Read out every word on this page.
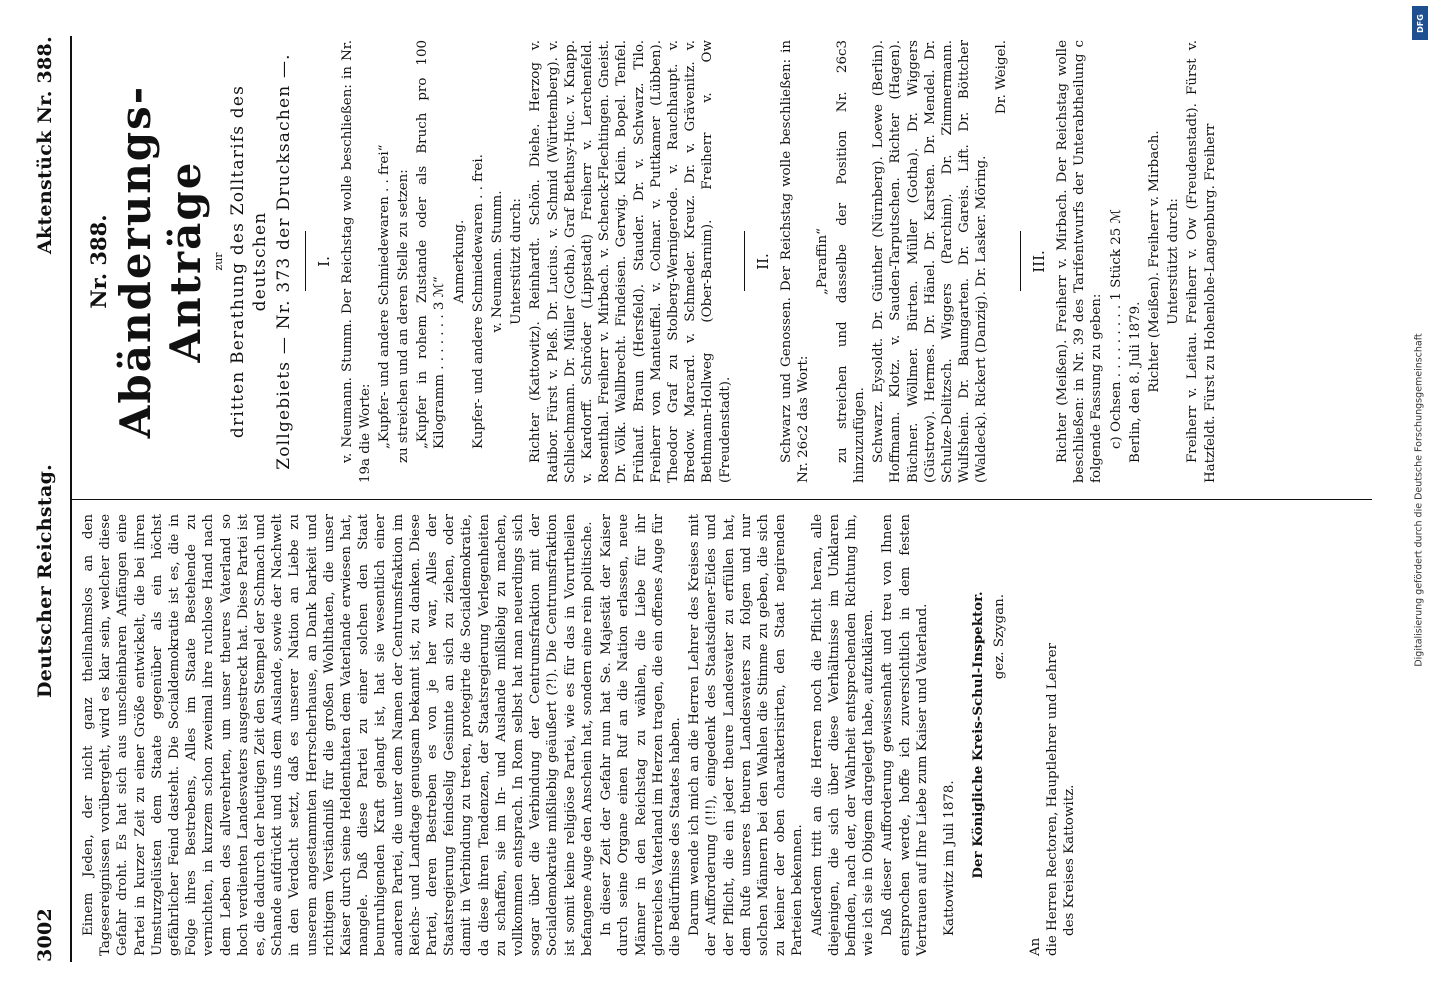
3002
Deutscher Reichstag.
Aktenstück Nr. 388.

Einem Jeden, der nicht ganz theilnahmslos an den Tagesereignissen vorübergeht, wird es klar sein, welcher diese Gefahr droht. Es hat sich aus unscheinbaren Anfängen eine Partei in kurzer Zeit zu einer Größe entwickelt, die bei ihren Umsturzgelüsten dem Staate gegenüber als ein höchst gefährlicher Feind dasteht. Die Socialdemokratie ist es, die in Folge ihres Bestrebens, Alles im Staate Bestehende zu vernichten, in kurzem schon zweimal ihre ruchlose Hand nach dem Leben des allverehrten, um unser theures Vaterland so hoch verdienten Landesvaters ausgestreckt hat. Diese Partei ist es, die dadurch der heutigen Zeit den Stempel der Schmach und Schande aufdrückt und uns dem Auslande, sowie der Nachwelt in den Verdacht setzt, daß es unserer Nation an Liebe zu unserem angestammten Herrscherhause, an Dank barkeit und richtigem Verständniß für die großen Wohlthaten, die unser Kaiser durch seine Heldenthaten dem Vaterlande erwiesen hat, mangele. Daß diese Partei zu einer solchen den Staat beunruhigenden Kraft gelangt ist, hat sie wesentlich einer anderen Partei, die unter dem Namen der Centrumsfraktion im Reichs- und Landtage genugsam bekannt ist, zu danken. Diese Partei, deren Bestreben es von je her war, Alles der Staatsregierung feindselig Gesinnte an sich zu ziehen, oder damit in Verbindung zu treten, protegirte die Socialdemokratie, da diese ihren Tendenzen, der Staatsregierung Verlegenheiten zu schaffen, sie im In- und Auslande mißliebig zu machen, vollkommen entsprach. In Rom selbst hat man neuerdings sich sogar über die Verbindung der Centrumsfraktion mit der Socialdemokratie mißliebig geäußert (?!). Die Centrumsfraktion ist somit keine religiöse Partei, wie es für das in Vorurtheilen befangene Auge den Anschein hat, sondern eine rein politische. In dieser Zeit der Gefahr nun hat Se. Majestät der Kaiser durch seine Organe einen Ruf an die Nation erlassen, neue Männer in den Reichstag zu wählen, die Liebe für ihr glorreiches Vaterland im Herzen tragen, die ein offenes Auge für die Bedürfnisse des Staates haben. Darum wende ich mich an die Herren Lehrer des Kreises mit der Aufforderung (!!!), eingedenk des Staatsdiener-Eides und der Pflicht, die ein jeder theure Landesvater zu erfüllen hat, dem Rufe unseres theuren Landesvaters zu folgen und nur solchen Männern bei den Wahlen die Stimme zu geben, die sich zu keiner der oben charakterisirten, den Staat negirenden Parteien bekennen. Außerdem tritt an die Herren noch die Pflicht heran, alle diejenigen, die sich über diese Verhältnisse im Unklaren befinden, nach der, der Wahrheit entsprechenden Richtung hin, wie ich sie in Obigem dargelegt habe, aufzuklären. Daß dieser Aufforderung gewissenhaft und treu von Ihnen entsprochen werde, hoffe ich zuversichtlich in dem festen Vertrauen auf Ihre Liebe zum Kaiser und Vaterland. Kattowitz im Juli 1878. Der Königliche Kreis-Schul-Inspektor. gez. Szygan.

An die Herren Rectoren, Hauptlehrer und Lehrer des Kreises Kattowitz.

Nr. 388. Abänderungs-Anträge zur dritten Berathung des Zolltarifs des deutschen Zollgebiets — Nr. 373 der Drucksachen —. I. v. Neumann. Stumm. Der Reichstag wolle beschließen: in Nr. 19a die Worte: „Kupfer- und andere Schmiedewaren . . frei“ zu streichen und an deren Stelle zu setzen: „Kupfer in rohem Zustande oder als Bruch pro 100 Kilogramm . . . . . . . 3 ℳ“

Anmerkung. Kupfer- und andere Schmiedewaren . . frei. v. Neumann. Stumm. Unterstützt durch: Richter (Kattowitz). Reinhardt. Schön. Diehe. Herzog v. Ratibor. Fürst v. Pleß. Dr. Lucius. v. Schmid (Württemberg). v. Schliechmann. Dr. Müller (Gotha). Graf Bethusy-Huc. v. Knapp. v. Kardorff. Schröder (Lippstadt) Freiherr v. Lerchenfeld. Rosenthal. Freiherr v. Mirbach. v. Schenck-Flechtingen. Gneist. Dr. Völk. Wallbrecht. Findeisen. Gerwig. Klein. Bopel. Tenfel. Frühauf. Braun (Hersfeld). Stauder. Dr. v. Schwarz. Tilo. Freiherr von Manteuffel. v. Colmar. v. Puttkamer (Lübben). Theodor Graf zu Stolberg-Wernigerode. v. Rauchhaupt. v. Bredow. Marcard. v. Schmeder. Kreuz. Dr. v. Grävenitz. v. Bethmann-Hollweg (Ober-Barnim). Freiherr v. Ow (Freudenstadt).

II. Schwarz und Genossen. Der Reichstag wolle beschließen: in Nr. 26c2 das Wort:

„Paraffin“ zu streichen und dasselbe der Position Nr. 26c3 hinzuzufügen. Schwarz. Eysoldt. Dr. Günther (Nürnberg). Loewe (Berlin). Hoffmann. Klotz. v. Sauden-Tarputschen. Richter (Hagen). Büchner. Wöllmer. Bürten. Müller (Gotha). Dr. Wiggers (Güstrow). Hermes. Dr. Hänel. Dr. Karsten. Dr. Mendel. Dr. Schulze-Delitzsch. Wiggers (Parchim). Dr. Zimmermann. Wulfshein. Dr. Baumgarten. Dr. Gareis. Lift. Dr. Böttcher (Waldeck). Rickert (Danzig). Dr. Lasker. Möring.

Dr. Weigel.

III. Richter (Meißen). Freiherr v. Mirbach. Der Reichstag wolle beschließen: in Nr. 39 des Tarifentwurfs der Unterabtheilung c folgende Fassung zu geben: c) Ochsen . . . . . . . . . 1 Stück 25 ℳ Berlin, den 8. Juli 1879. Richter (Meißen). Freiherr v. Mirbach. Unterstützt durch: Freiherr v. Leitau. Freiherr v. Ow (Freudenstadt). Fürst v. Hatzfeldt. Fürst zu Hohenlohe-Langenburg. Freiherr

Digitalisierung gefördert durch die Deutsche Forschungsgemeinschaft
DFG
